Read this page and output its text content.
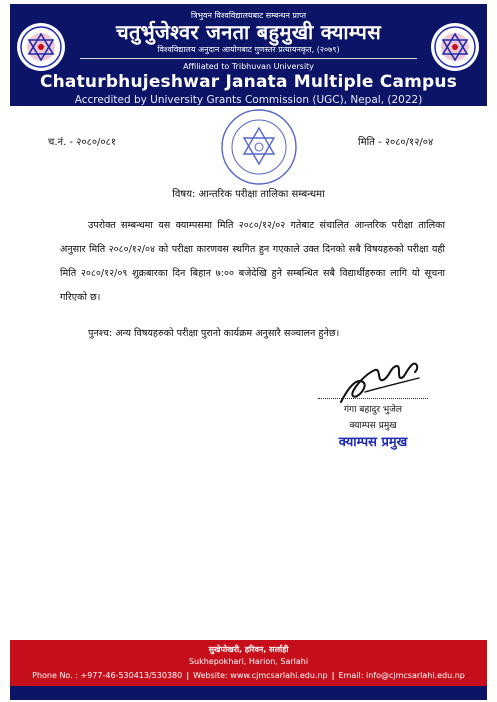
त्रिभुवन विश्वविद्यालयबाट सम्बन्धन प्राप्त
चतुर्भुजेश्वर जनता बहुमुखी क्याम्पस
विश्वविद्यालय अनुदान आयोगबाट गुणस्तर प्रत्यायनकृत, (२०७९)
Affiliated to Tribhuvan University
Chaturbhujeshwar Janata Multiple Campus
Accredited by University Grants Commission (UGC), Nepal, (2022)
च.नं. - २०८०/०८१	मिति - २०८०/१२/०४
विषय: आन्तरिक परीक्षा तालिका सम्बन्धमा
उपरोक्त सम्बन्धमा यस क्याम्पसमा मिति २०८०/१२/०२ गतेबाट संचालित आन्तरिक परीक्षा तालिका अनुसार मिति २०८०/१२/०४ को परीक्षा कारणवस स्थगित हुन गएकाले उक्त दिनको सबै विषयहरुको परीक्षा यही मिति २०८०/१२/०९ शुक्रबारका दिन बिहान ७:०० बजेदेखि हुने सम्बन्धित सबै विद्यार्थीहरुका लागि यो सूचना गरिएको छ।
पुनश्च: अन्य विषयहरुको परीक्षा पुरानो कार्यक्रम अनुसारै सञ्चालन हुनेछ।
गंगा बहादुर भुजेल
क्याम्पस प्रमुख
क्याम्पस प्रमुख
सुखेपोखरी, हरिवन, सर्लाही
Sukhepokhari, Harion, Sarlahi
Phone No. : +977-46-530413/530380 | Website: www.cjmcsarlahi.edu.np | Email: info@cjmcsarlahi.edu.np
